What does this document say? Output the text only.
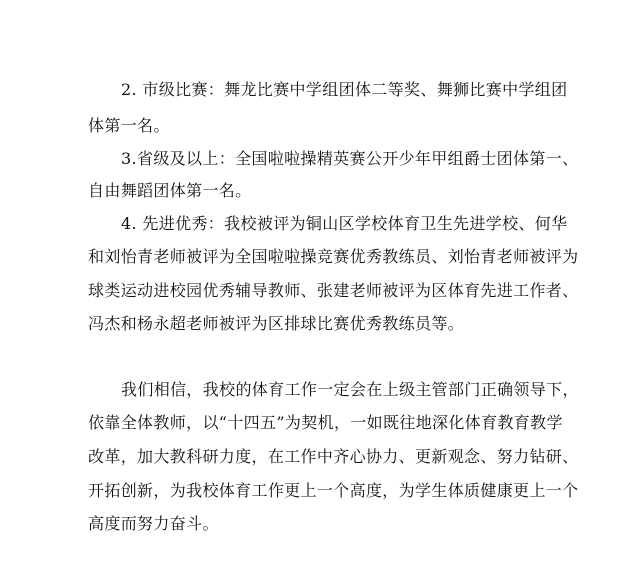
2. 市级比赛：舞龙比赛中学组团体二等奖、舞狮比赛中学组团
体第一名。
3.省级及以上：全国啦啦操精英赛公开少年甲组爵士团体第一、
自由舞蹈团体第一名。
4. 先进优秀：我校被评为铜山区学校体育卫生先进学校、何华
和刘怡青老师被评为全国啦啦操竞赛优秀教练员、刘怡青老师被评为
球类运动进校园优秀辅导教师、张建老师被评为区体育先进工作者、
冯杰和杨永超老师被评为区排球比赛优秀教练员等。
我们相信，我校的体育工作一定会在上级主管部门正确领导下，
依靠全体教师，以“十四五”为契机，一如既往地深化体育教育教学
改革，加大教科研力度，在工作中齐心协力、更新观念、努力钻研、
开拓创新，为我校体育工作更上一个高度，为学生体质健康更上一个
高度而努力奋斗。
